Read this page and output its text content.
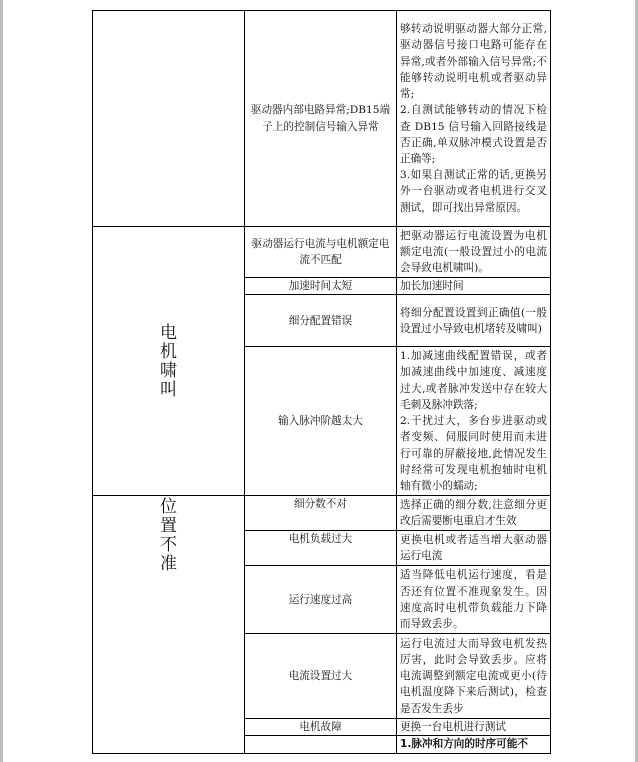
	驱动器内部电路异常;DB15端子上的控制信号输入异常	够转动说明驱动器大部分正常,驱动器信号接口电路可能存在异常,或者外部输入信号异常;不能够转动说明电机或者驱动异常;
2.自测试能够转动的情况下检查 DB15 信号输入回路接线是否正确,单双脉冲模式设置是否正确等;
3.如果自测试正常的话,更换另外一台驱动或者电机进行交叉测试，即可找出异常原因。

电机啸叫	驱动器运行电流与电机额定电流不匹配	把驱动器运行电流设置为电机额定电流(一般设置过小的电流会导致电机啸叫)。
	加速时间太短	加长加速时间
	细分配置错误	将细分配置设置到正确值(一般设置过小导致电机堵转及啸叫)
	输入脉冲阶越太大	1.加减速曲线配置错误，或者加减速曲线中加速度、减速度过大,或者脉冲发送中存在较大毛刺及脉冲跌落;
2.干扰过大，多台步进驱动或者变频、伺服同时使用而未进行可靠的屏蔽接地,此情况发生时经常可发现电机抱轴时电机轴有微小的蠕动;

位置不准	细分数不对	选择正确的细分数,注意细分更改后需要断电重启才生效
	电机负载过大	更换电机或者适当增大驱动器运行电流
	运行速度过高	适当降低电机运行速度，看是否还有位置不准现象发生。因速度高时电机带负载能力下降而导致丢步。
	电流设置过大	运行电流过大而导致电机发热厉害，此时会导致丢步。应将电流调整到额定电流或更小(待电机温度降下来后测试)，检查是否发生丢步
	电机故障	更换一台电机进行测试
		1.脉冲和方向的时序可能不
